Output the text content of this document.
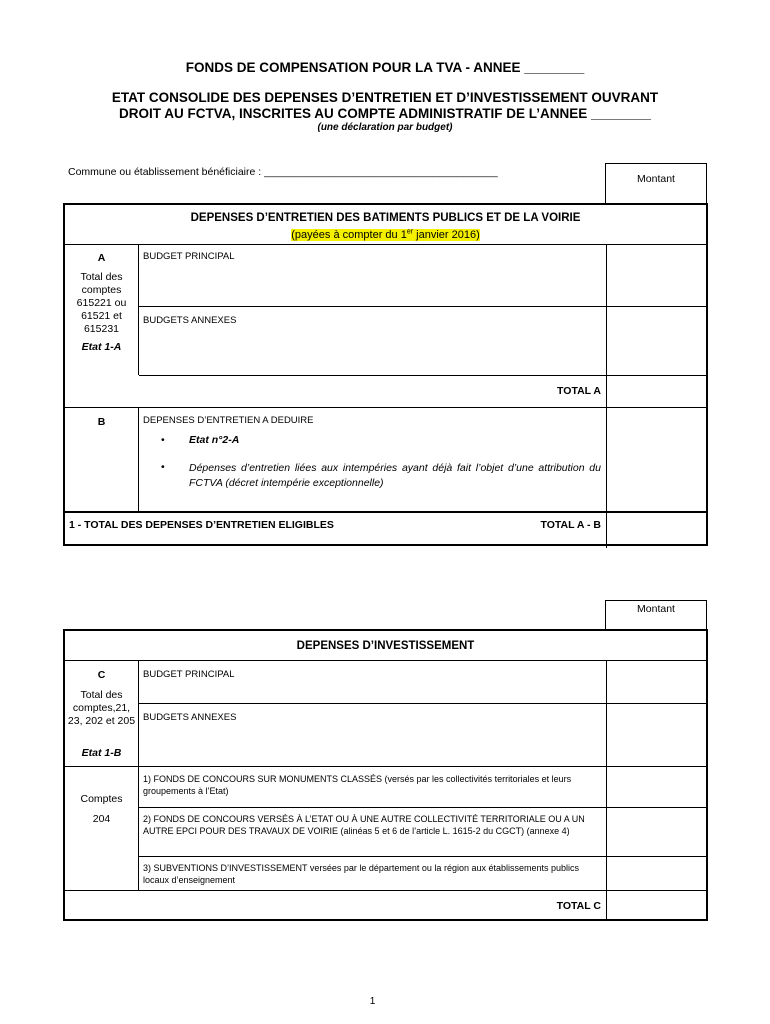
FONDS DE COMPENSATION POUR LA TVA - ANNEE ________
ETAT CONSOLIDE DES DEPENSES D’ENTRETIEN ET D’INVESTISSEMENT OUVRANT
DROIT AU FCTVA, INSCRITES AU COMPTE ADMINISTRATIF DE L’ANNEE ________
(une déclaration par budget)
Commune ou établissement bénéficiaire : ________________________________________
Montant
DEPENSES D’ENTRETIEN DES BATIMENTS PUBLICS ET DE LA VOIRIE
(payées à compter du 1er janvier 2016)
A
Total des comptes 615221 ou 61521 et 615231
Etat 1-A
BUDGET PRINCIPAL
BUDGETS ANNEXES
TOTAL A
B	DEPENSES D’ENTRETIEN A DEDUIRE
• Etat n°2-A
• Dépenses d’entretien liées aux intempéries ayant déjà fait l’objet d’une attribution du FCTVA (décret intempérie exceptionnelle)
1 - TOTAL DES DEPENSES D’ENTRETIEN ELIGIBLES	TOTAL A - B
Montant
DEPENSES D’INVESTISSEMENT
C
Total des comptes,21, 23, 202 et 205
Etat 1-B
BUDGET PRINCIPAL
BUDGETS ANNEXES
Comptes
204
1) FONDS DE CONCOURS SUR MONUMENTS CLASSÉS (versés par les collectivités territoriales et leurs groupements à l’Etat)
2) FONDS DE CONCOURS VERSÉS À L’ETAT OU À UNE AUTRE COLLECTIVITÉ TERRITORIALE OU A UN AUTRE EPCI POUR DES TRAVAUX DE VOIRIE (alinéas 5 et 6 de l’article L. 1615-2 du CGCT) (annexe 4)
3) SUBVENTIONS D’INVESTISSEMENT versées par le département ou la région aux établissements publics locaux d’enseignement
TOTAL C
1
